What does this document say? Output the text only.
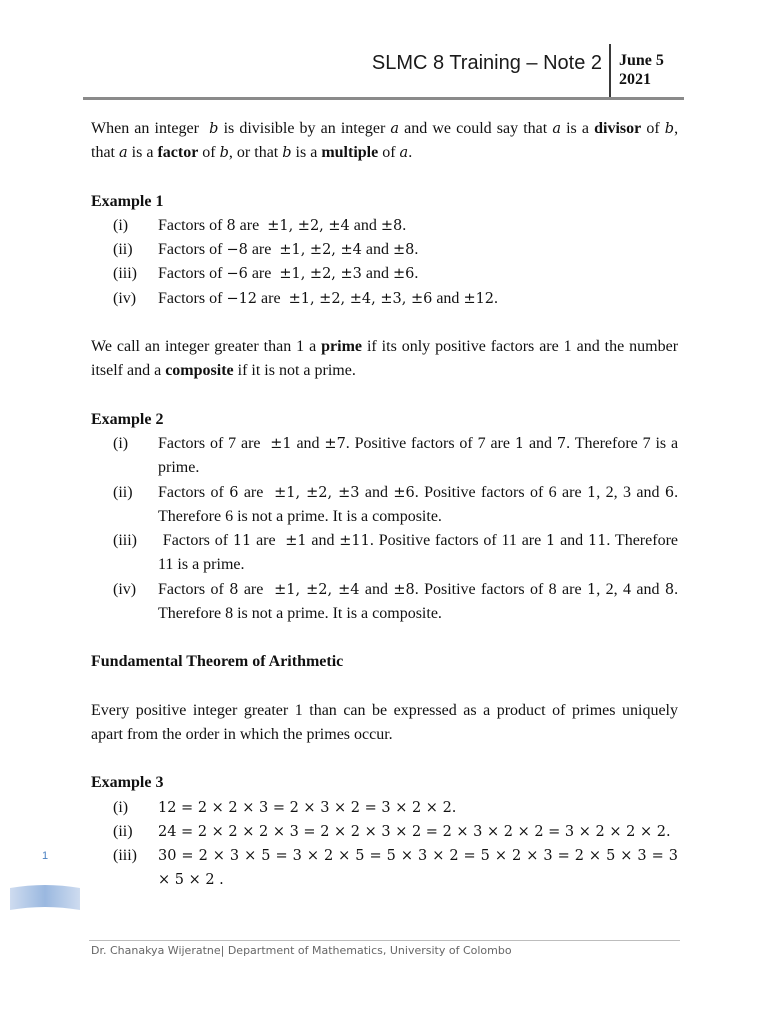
SLMC 8 Training – Note 2 June 5
2021

When an integer b is divisible by an integer a and we could say that a is a divisor of b, that a is a factor of b, or that b is a multiple of a.

Example 1
(i) Factors of 8 are ±1, ±2, ±4 and ±8.
(ii) Factors of −8 are ±1, ±2, ±4 and ±8.
(iii) Factors of −6 are ±1, ±2, ±3 and ±6.
(iv) Factors of −12 are ±1, ±2, ±4, ±3, ±6 and ±12.

We call an integer greater than 1 a prime if its only positive factors are 1 and the number itself and a composite if it is not a prime.

Example 2
(i) Factors of 7 are ±1 and ±7. Positive factors of 7 are 1 and 7. Therefore 7 is a prime.
(ii) Factors of 6 are ±1, ±2, ±3 and ±6. Positive factors of 6 are 1, 2, 3 and 6. Therefore 6 is not a prime. It is a composite.
(iii) Factors of 11 are ±1 and ±11. Positive factors of 11 are 1 and 11. Therefore 11 is a prime.
(iv) Factors of 8 are ±1, ±2, ±4 and ±8. Positive factors of 8 are 1, 2, 4 and 8. Therefore 8 is not a prime. It is a composite.
Fundamental Theorem of Arithmetic

Every positive integer greater 1 than can be expressed as a product of primes uniquely apart from the order in which the primes occur.

Example 3
(i) 12 = 2 × 2 × 3 = 2 × 3 × 2 = 3 × 2 × 2.
(ii) 24 = 2 × 2 × 2 × 3 = 2 × 2 × 3 × 2 = 2 × 3 × 2 × 2 = 3 × 2 × 2 × 2.
(iii) 30 = 2 × 3 × 5 = 3 × 2 × 5 = 5 × 3 × 2 = 5 × 2 × 3 = 2 × 5 × 3 = 3 × 5 × 2 .
1
Dr. Chanakya Wijeratne| Department of Mathematics, University of Colombo
